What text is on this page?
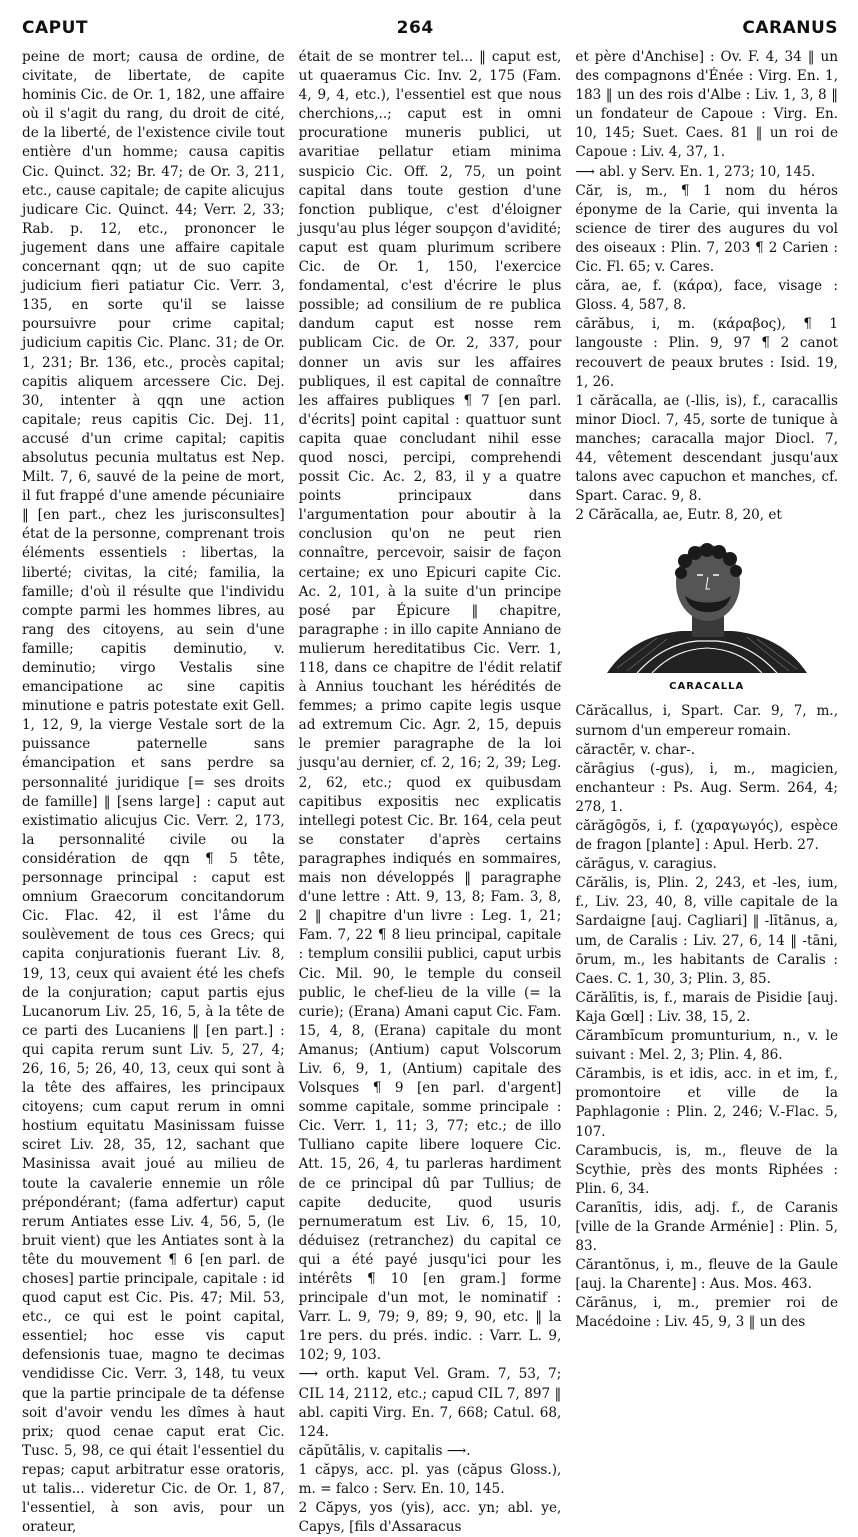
CAPUT	264	CARANUS

peine de mort; causa de ordine, de civitate, de libertate, de capite hominis Cic. de Or. 1, 182, une affaire où il s'agit du rang, du droit de cité, de la liberté, de l'existence civile tout entière d'un homme; causa capitis Cic. Quinct. 32; Br. 47; de Or. 3, 211, etc., cause capitale; de capite alicujus judicare Cic. Quinct. 44; Verr. 2, 33; Rab. p. 12, etc., prononcer le jugement dans une affaire capitale concernant qqn; ut de suo capite judicium fieri patiatur Cic. Verr. 3, 135, en sorte qu'il se laisse poursuivre pour crime capital; judicium capitis Cic. Planc. 31; de Or. 1, 231; Br. 136, etc., procès capital; capitis aliquem arcessere Cic. Dej. 30, intenter à qqn une action capitale; reus capitis Cic. Dej. 11, accusé d'un crime capital; capitis absolutus pecunia multatus est Nep. Milt. 7, 6, sauvé de la peine de mort, il fut frappé d'une amende pécuniaire ‖ [en part., chez les jurisconsultes] état de la personne, comprenant trois éléments essentiels : libertas, la liberté; civitas, la cité; familia, la famille; d'où il résulte que l'individu compte parmi les hommes libres, au rang des citoyens, au sein d'une famille; capitis deminutio, v. deminutio; virgo Vestalis sine emancipatione ac sine capitis minutione e patris potestate exit Gell. 1, 12, 9, la vierge Vestale sort de la puissance paternelle sans émancipation et sans perdre sa personnalité juridique [= ses droits de famille] ‖ [sens large] : caput aut existimatio alicujus Cic. Verr. 2, 173, la personnalité civile ou la considération de qqn ¶ 5 tête, personnage principal : caput est omnium Graecorum concitandorum Cic. Flac. 42, il est l'âme du soulèvement de tous ces Grecs; qui capita conjurationis fuerant Liv. 8, 19, 13, ceux qui avaient été les chefs de la conjuration; caput partis ejus Lucanorum Liv. 25, 16, 5, à la tête de ce parti des Lucaniens ‖ [en part.] : qui capita rerum sunt Liv. 5, 27, 4; 26, 16, 5; 26, 40, 13, ceux qui sont à la tête des affaires, les principaux citoyens; cum caput rerum in omni hostium equitatu Masinissam fuisse sciret Liv. 28, 35, 12, sachant que Masinissa avait joué au milieu de toute la cavalerie ennemie un rôle prépondérant; (fama adfertur) caput rerum Antiates esse Liv. 4, 56, 5, (le bruit vient) que les Antiates sont à la tête du mouvement ¶ 6 [en parl. de choses] partie principale, capitale : id quod caput est Cic. Pis. 47; Mil. 53, etc., ce qui est le point capital, essentiel; hoc esse vis caput defensionis tuae, magno te decimas vendidisse Cic. Verr. 3, 148, tu veux que la partie principale de ta défense soit d'avoir vendu les dîmes à haut prix; quod cenae caput erat Cic. Tusc. 5, 98, ce qui était l'essentiel du repas; caput arbitratur esse oratoris, ut talis... videretur Cic. de Or. 1, 87, l'essentiel, à son avis, pour un orateur,

était de se montrer tel... ‖ caput est, ut quaeramus Cic. Inv. 2, 175 (Fam. 4, 9, 4, etc.), l'essentiel est que nous cherchions,..; caput est in omni procuratione muneris publici, ut avaritiae pellatur etiam minima suspicio Cic. Off. 2, 75, un point capital dans toute gestion d'une fonction publique, c'est d'éloigner jusqu'au plus léger soupçon d'avidité; caput est quam plurimum scribere Cic. de Or. 1, 150, l'exercice fondamental, c'est d'écrire le plus possible; ad consilium de re publica dandum caput est nosse rem publicam Cic. de Or. 2, 337, pour donner un avis sur les affaires publiques, il est capital de connaître les affaires publiques ¶ 7 [en parl. d'écrits] point capital : quattuor sunt capita quae concludant nihil esse quod nosci, percipi, comprehendi possit Cic. Ac. 2, 83, il y a quatre points principaux dans l'argumentation pour aboutir à la conclusion qu'on ne peut rien connaître, percevoir, saisir de façon certaine; ex uno Epicuri capite Cic. Ac. 2, 101, à la suite d'un principe posé par Épicure ‖ chapitre, paragraphe : in illo capite Anniano de mulierum hereditatibus Cic. Verr. 1, 118, dans ce chapitre de l'édit relatif à Annius touchant les hérédités de femmes; a primo capite legis usque ad extremum Cic. Agr. 2, 15, depuis le premier paragraphe de la loi jusqu'au dernier, cf. 2, 16; 2, 39; Leg. 2, 62, etc.; quod ex quibusdam capitibus expositis nec explicatis intellegi potest Cic. Br. 164, cela peut se constater d'après certains paragraphes indiqués en sommaires, mais non développés ‖ paragraphe d'une lettre : Att. 9, 13, 8; Fam. 3, 8, 2 ‖ chapitre d'un livre : Leg. 1, 21; Fam. 7, 22 ¶ 8 lieu principal, capitale : templum consilii publici, caput urbis Cic. Mil. 90, le temple du conseil public, le chef-lieu de la ville (= la curie); (Erana) Amani caput Cic. Fam. 15, 4, 8, (Erana) capitale du mont Amanus; (Antium) caput Volscorum Liv. 6, 9, 1, (Antium) capitale des Volsques ¶ 9 [en parl. d'argent] somme capitale, somme principale : Cic. Verr. 1, 11; 3, 77; etc.; de illo Tulliano capite libere loquere Cic. Att. 15, 26, 4, tu parleras hardiment de ce principal dû par Tullius; de capite deducite, quod usuris pernumeratum est Liv. 6, 15, 10, déduisez (retranchez) du capital ce qui a été payé jusqu'ici pour les intérêts ¶ 10 [en gram.] forme principale d'un mot, le nominatif : Varr. L. 9, 79; 9, 89; 9, 90, etc. ‖ la 1re pers. du prés. indic. : Varr. L. 9, 102; 9, 103.

⟶ orth. kaput Vel. Gram. 7, 53, 7; CIL 14, 2112, etc.; capud CIL 7, 897 ‖ abl. capiti Virg. En. 7, 668; Catul. 68, 124.

căpŭtālis, v. capitalis ⟶.

1 căpys, acc. pl. yas (căpus Gloss.), m. = falco : Serv. En. 10, 145.

2 Căpys, yos (yis), acc. yn; abl. ye, Capys, [fils d'Assaracus

et père d'Anchise] : Ov. F. 4, 34 ‖ un des compagnons d'Énée : Virg. En. 1, 183 ‖ un des rois d'Albe : Liv. 1, 3, 8 ‖ un fondateur de Capoue : Virg. En. 10, 145; Suet. Caes. 81 ‖ un roi de Capoue : Liv. 4, 37, 1.

⟶ abl. y Serv. En. 1, 273; 10, 145.

Căr, is, m., ¶ 1 nom du héros éponyme de la Carie, qui inventa la science de tirer des augures du vol des oiseaux : Plin. 7, 203 ¶ 2 Carien : Cic. Fl. 65; v. Cares.

căra, ae, f. (κάρα), face, visage : Gloss. 4, 587, 8.

cārăbus, i, m. (κάραβος), ¶ 1 langouste : Plin. 9, 97 ¶ 2 canot recouvert de peaux brutes : Isid. 19, 1, 26.

1 cărăcalla, ae (-llis, is), f., caracallis minor Diocl. 7, 45, sorte de tunique à manches; caracalla major Diocl. 7, 44, vêtement descendant jusqu'aux talons avec capuchon et manches, cf. Spart. Carac. 9, 8.

2 Cărăcalla, ae, Eutr. 8, 20, et

CARACALLA

Cărăcallus, i, Spart. Car. 9, 7, m., surnom d'un empereur romain.

căractēr, v. char-.

cărāgius (-gus), i, m., magicien, enchanteur : Ps. Aug. Serm. 264, 4; 278, 1.

cărăgōgŏs, i, f. (χαραγωγός), espèce de fragon [plante] : Apul. Herb. 27.

cărāgus, v. caragius.

Cărălis, is, Plin. 2, 243, et -les, ium, f., Liv. 23, 40, 8, ville capitale de la Sardaigne [auj. Cagliari] ‖ -lītānus, a, um, de Caralis : Liv. 27, 6, 14 ‖ -tāni, ōrum, m., les habitants de Caralis : Caes. C. 1, 30, 3; Plin. 3, 85.

Cărălītis, is, f., marais de Pisidie [auj. Kaja Gœl] : Liv. 38, 15, 2.

Cărambĭcum promunturium, n., v. le suivant : Mel. 2, 3; Plin. 4, 86.

Cărambis, is et idis, acc. in et im, f., promontoire et ville de la Paphlagonie : Plin. 2, 246; V.-Flac. 5, 107.

Carambucis, is, m., fleuve de la Scythie, près des monts Riphées : Plin. 6, 34.

Caranītis, idis, adj. f., de Caranis [ville de la Grande Arménie] : Plin. 5, 83.

Cărantŏnus, i, m., fleuve de la Gaule [auj. la Charente] : Aus. Mos. 463.

Cărānus, i, m., premier roi de Macédoine : Liv. 45, 9, 3 ‖ un des
